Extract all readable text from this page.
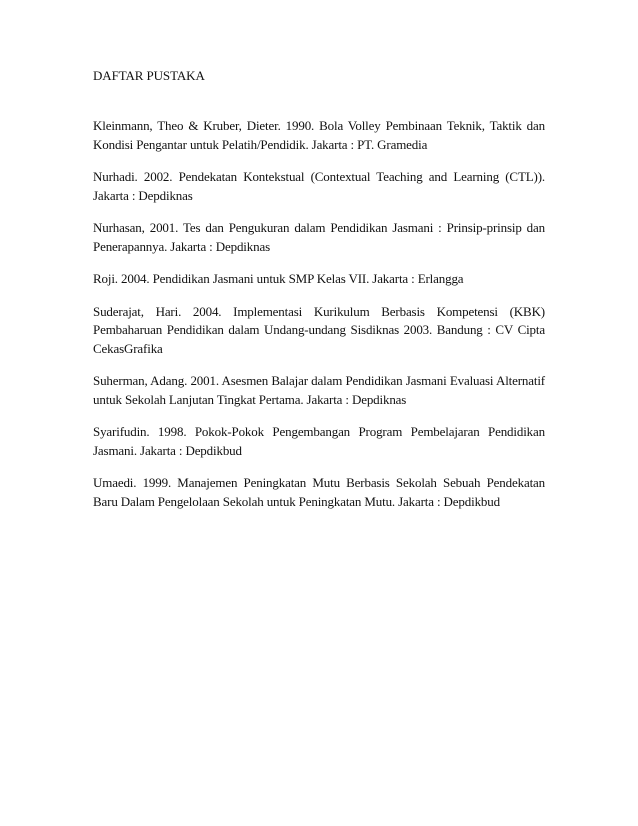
DAFTAR PUSTAKA

Kleinmann, Theo & Kruber, Dieter. 1990. Bola Volley Pembinaan Teknik, Taktik dan Kondisi Pengantar untuk Pelatih/Pendidik. Jakarta : PT. Gramedia

Nurhadi. 2002. Pendekatan Kontekstual (Contextual Teaching and Learning (CTL)). Jakarta : Depdiknas

Nurhasan, 2001. Tes dan Pengukuran dalam Pendidikan Jasmani : Prinsip-prinsip dan Penerapannya. Jakarta : Depdiknas

Roji. 2004. Pendidikan Jasmani untuk SMP Kelas VII. Jakarta : Erlangga

Suderajat, Hari. 2004. Implementasi Kurikulum Berbasis Kompetensi (KBK) Pembaharuan Pendidikan dalam Undang-undang Sisdiknas 2003. Bandung : CV Cipta CekasGrafika

Suherman, Adang. 2001. Asesmen Balajar dalam Pendidikan Jasmani Evaluasi Alternatif untuk Sekolah Lanjutan Tingkat Pertama. Jakarta : Depdiknas

Syarifudin. 1998. Pokok-Pokok Pengembangan Program Pembelajaran Pendidikan Jasmani. Jakarta : Depdikbud

Umaedi. 1999. Manajemen Peningkatan Mutu Berbasis Sekolah Sebuah Pendekatan Baru Dalam Pengelolaan Sekolah untuk Peningkatan Mutu. Jakarta : Depdikbud
